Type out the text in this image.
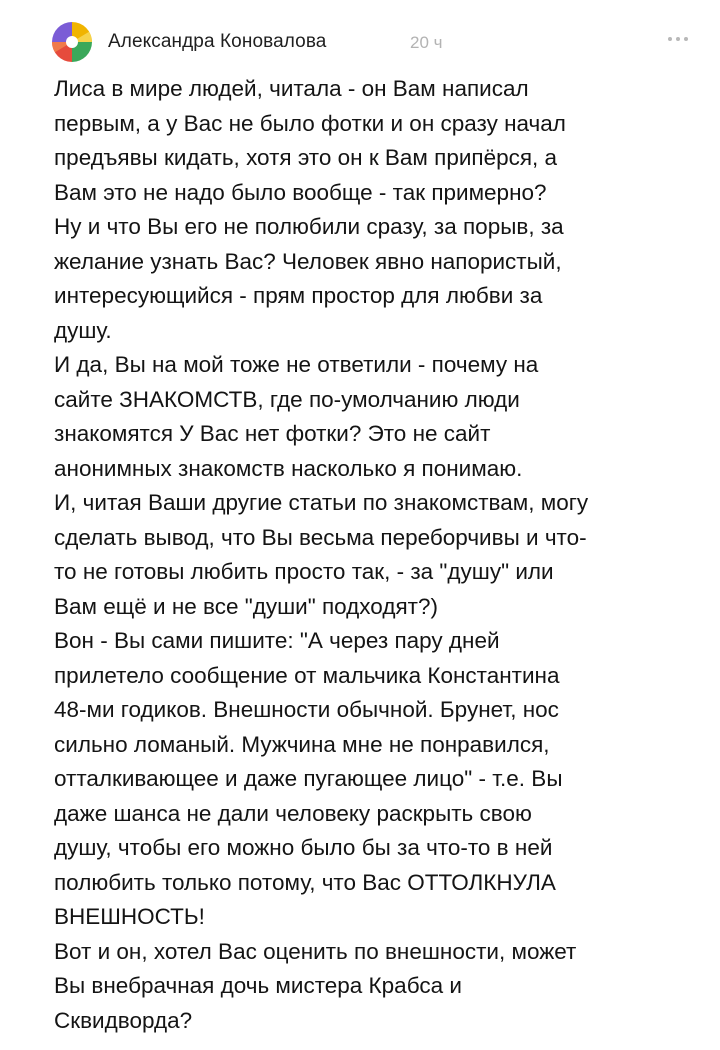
Александра Коновалова	20 ч

Лиса в мире людей, читала - он Вам написал
первым, а у Вас не было фотки и он сразу начал
предъявы кидать, хотя это он к Вам припёрся, а
Вам это не надо было вообще - так примерно?
Ну и что Вы его не полюбили сразу, за порыв, за
желание узнать Вас? Человек явно напористый,
интересующийся - прям простор для любви за
душу.
И да, Вы на мой тоже не ответили - почему на
сайте ЗНАКОМСТВ, где по-умолчанию люди
знакомятся У Вас нет фотки? Это не сайт
анонимных знакомств насколько я понимаю.
И, читая Ваши другие статьи по знакомствам, могу
сделать вывод, что Вы весьма переборчивы и что-
то не готовы любить просто так, - за "душу" или
Вам ещё и не все "души" подходят?)
Вон - Вы сами пишите: "А через пару дней
прилетело сообщение от мальчика Константина
48-ми годиков. Внешности обычной. Брунет, нос
сильно ломаный. Мужчина мне не понравился,
отталкивающее и даже пугающее лицо" - т.е. Вы
даже шанса не дали человеку раскрыть свою
душу, чтобы его можно было бы за что-то в ней
полюбить только потому, что Вас ОТТОЛКНУЛА
ВНЕШНОСТЬ!
Вот и он, хотел Вас оценить по внешности, может
Вы внебрачная дочь мистера Крабса и
Сквидворда?
